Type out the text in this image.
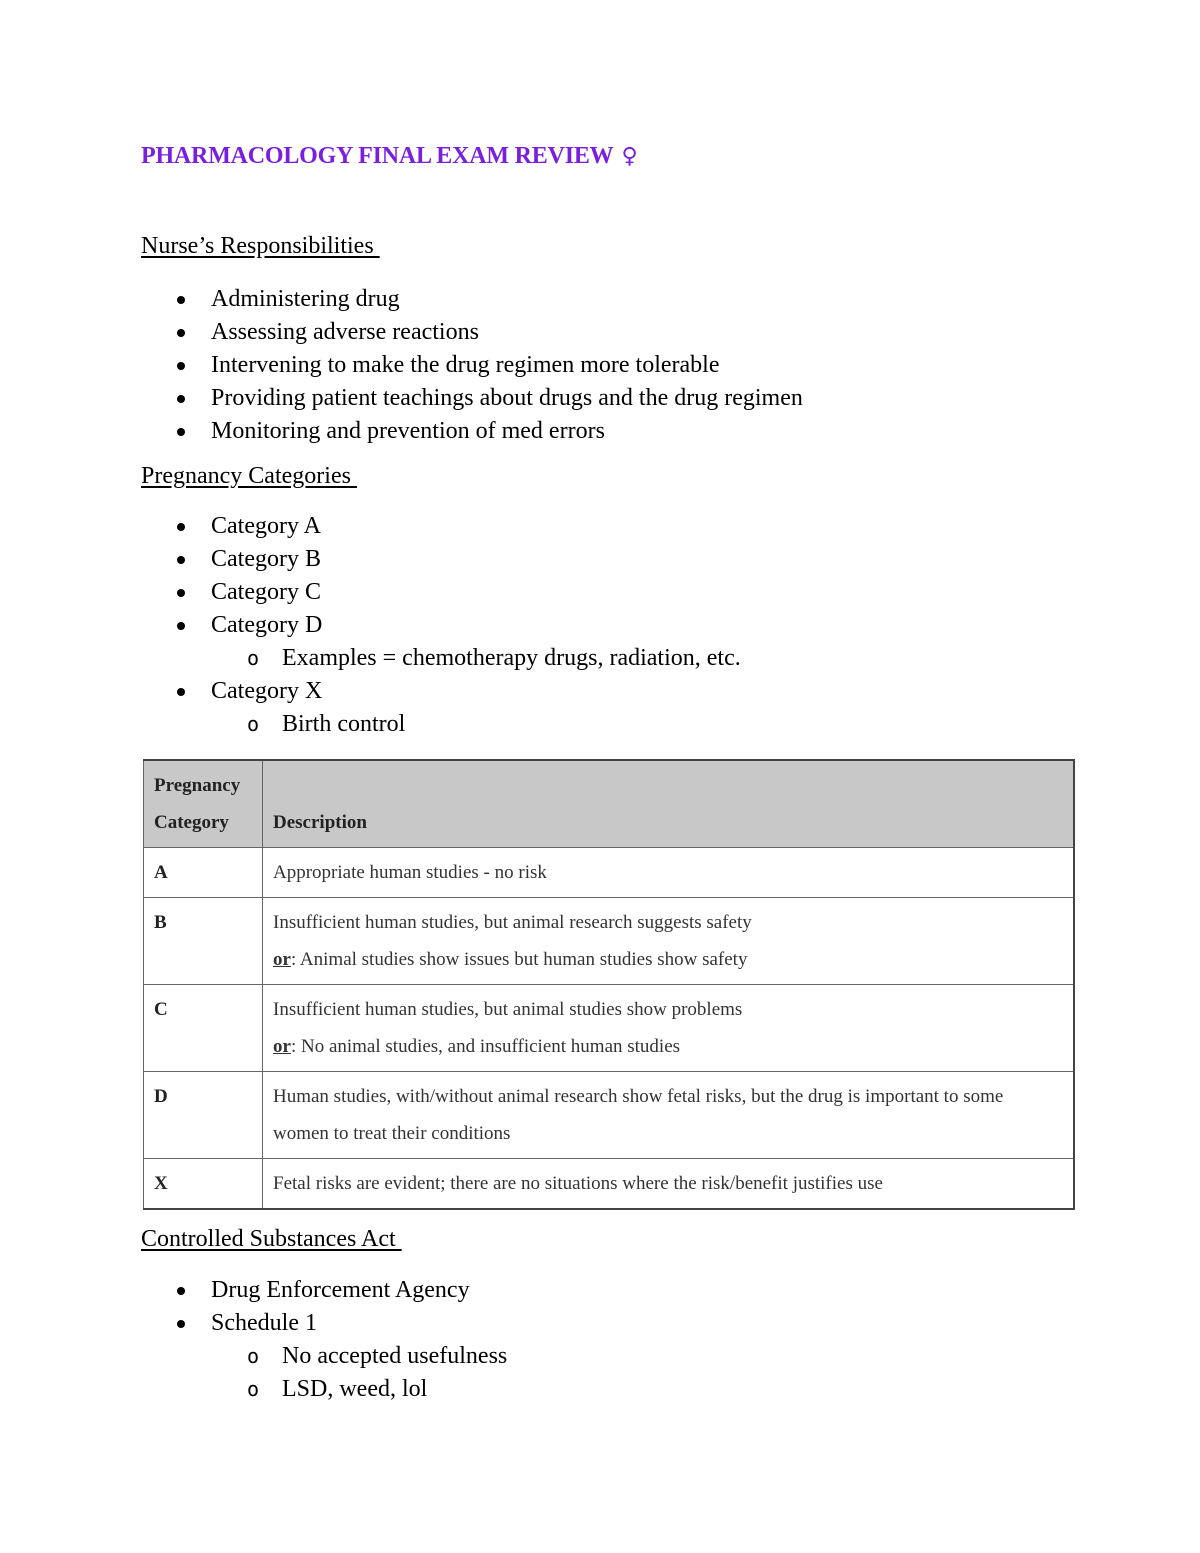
PHARMACOLOGY FINAL EXAM REVIEW ♀
Nurse’s Responsibilities
Administering drug
Assessing adverse reactions
Intervening to make the drug regimen more tolerable
Providing patient teachings about drugs and the drug regimen
Monitoring and prevention of med errors
Pregnancy Categories
Category A
Category B
Category C
Category D
o Examples = chemotherapy drugs, radiation, etc.
Category X
o Birth control
Pregnancy
Category	Description
A	Appropriate human studies - no risk
B	Insufficient human studies, but animal research suggests safety
or: Animal studies show issues but human studies show safety
C	Insufficient human studies, but animal studies show problems
or: No animal studies, and insufficient human studies
D	Human studies, with/without animal research show fetal risks, but the drug is important to some women to treat their conditions
X	Fetal risks are evident; there are no situations where the risk/benefit justifies use
Controlled Substances Act
Drug Enforcement Agency
Schedule 1
o No accepted usefulness
o LSD, weed, lol
